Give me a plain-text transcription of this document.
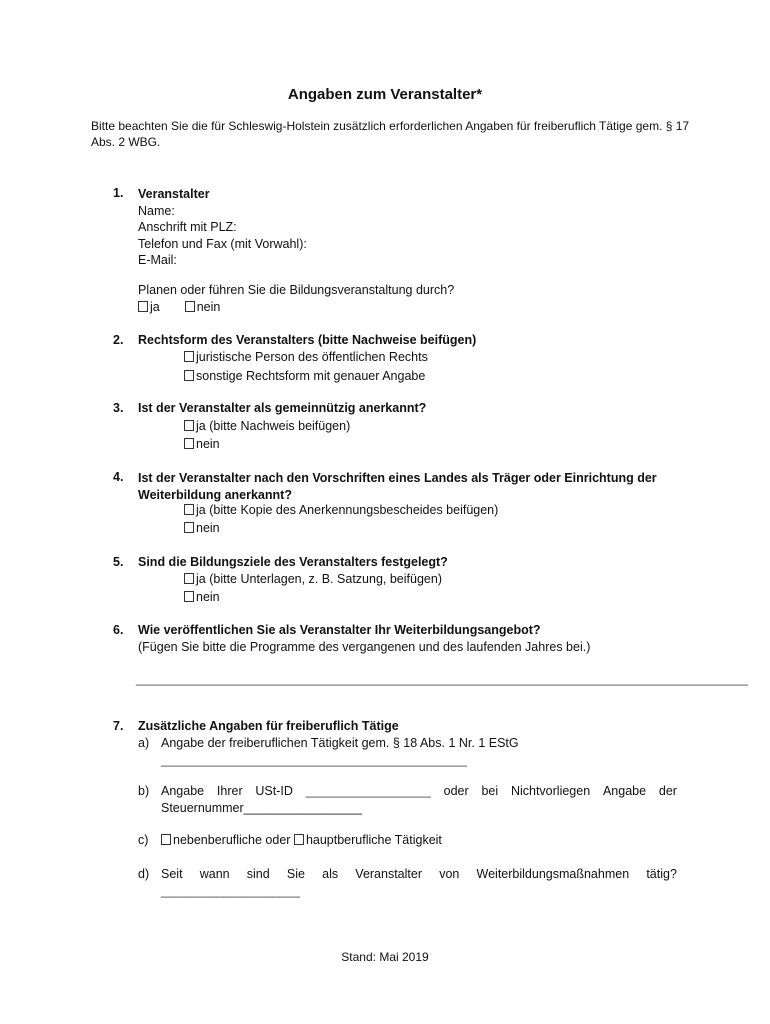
Angaben zum Veranstalter*
Bitte beachten Sie die für Schleswig-Holstein zusätzlich erforderlichen Angaben für freiberuflich Tätige gem. § 17 Abs. 2 WBG.
1. Veranstalter
Name:
Anschrift mit PLZ:
Telefon und Fax (mit Vorwahl):
E-Mail:
Planen oder führen Sie die Bildungsveranstaltung durch?
ja	nein
2. Rechtsform des Veranstalters (bitte Nachweise beifügen)
juristische Person des öffentlichen Rechts
sonstige Rechtsform mit genauer Angabe
3. Ist der Veranstalter als gemeinnützig anerkannt?
ja (bitte Nachweis beifügen)
nein
4. Ist der Veranstalter nach den Vorschriften eines Landes als Träger oder Einrichtung der
Weiterbildung anerkannt?
ja (bitte Kopie des Anerkennungsbescheides beifügen)
nein
5. Sind die Bildungsziele des Veranstalters festgelegt?
ja (bitte Unterlagen, z. B. Satzung, beifügen)
nein
6. Wie veröffentlichen Sie als Veranstalter Ihr Weiterbildungsangebot?
(Fügen Sie bitte die Programme des vergangenen und des laufenden Jahres bei.)
________________________________________________________________________________________
7. Zusätzliche Angaben für freiberuflich Tätige
a) Angabe der freiberuflichen Tätigkeit gem. § 18 Abs. 1 Nr. 1 EStG
____________________________________________
b) Angabe Ihrer USt-ID __________________ oder bei Nichtvorliegen Angabe der
Steuernummer_________________
c)	nebenberufliche oder hauptberufliche Tätigkeit
d) Seit wann sind Sie als Veranstalter von Weiterbildungsmaßnahmen tätig?
____________________
Stand: Mai 2019
